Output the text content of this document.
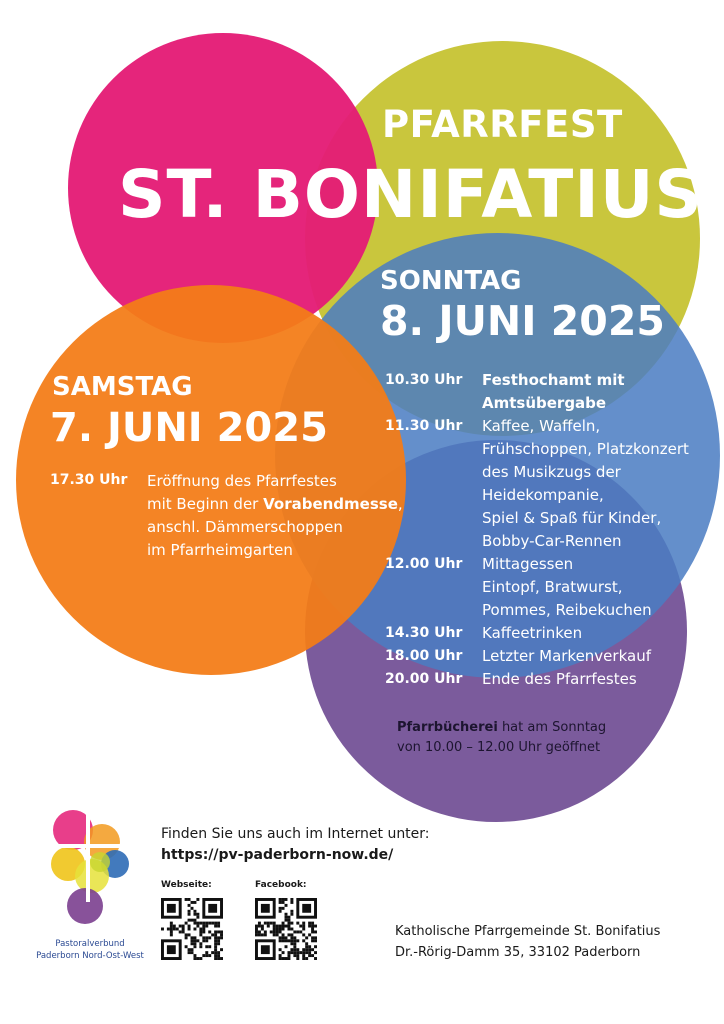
PFARRFEST
ST. BONIFATIUS
SONNTAG
8. JUNI 2025
10.30 Uhr	Festhochamt mit
Amtsübergabe
11.30 Uhr	Kaffee, Waffeln,
Frühschoppen, Platzkonzert
des Musikzugs der
Heidekompanie,
Spiel & Spaß für Kinder,
Bobby-Car-Rennen
12.00 Uhr	Mittagessen
Eintopf, Bratwurst,
Pommes, Reibekuchen
14.30 Uhr	Kaffeetrinken
18.00 Uhr	Letzter Markenverkauf
20.00 Uhr	Ende des Pfarrfestes
SAMSTAG
7. JUNI 2025
17.30 Uhr Eröffnung des Pfarrfestes
mit Beginn der Vorabendmesse,
anschl. Dämmerschoppen
im Pfarrheimgarten
Pfarrbücherei hat am Sonntag
von 10.00 – 12.00 Uhr geöffnet
Pastoralverbund
Paderborn Nord-Ost-West
Finden Sie uns auch im Internet unter:
https://pv-paderborn-now.de/
Webseite:	Facebook:
Katholische Pfarrgemeinde St. Bonifatius
Dr.-Rörig-Damm 35, 33102 Paderborn
